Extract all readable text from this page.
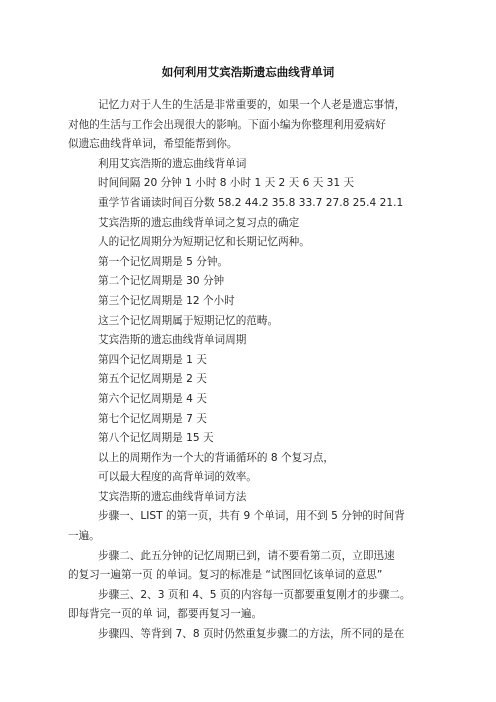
如何利用艾宾浩斯遗忘曲线背单词
记忆力对于人生的生活是非常重要的，如果一个人老是遗忘事情，
对他的生活与工作会出现很大的影响。下面小编为你整理利用爱病好
似遗忘曲线背单词，希望能帮到你。
利用艾宾浩斯的遗忘曲线背单词
时间间隔 20 分钟 1 小时 8 小时 1 天 2 天 6 天 31 天
重学节省诵读时间百分数 58.2 44.2 35.8 33.7 27.8 25.4 21.1
艾宾浩斯的遗忘曲线背单词之复习点的确定
人的记忆周期分为短期记忆和长期记忆两种。
第一个记忆周期是 5 分钟。
第二个记忆周期是 30 分钟
第三个记忆周期是 12 个小时
这三个记忆周期属于短期记忆的范畴。
艾宾浩斯的遗忘曲线背单词周期
第四个记忆周期是 1 天
第五个记忆周期是 2 天
第六个记忆周期是 4 天
第七个记忆周期是 7 天
第八个记忆周期是 15 天
以上的周期作为一个大的背诵循环的 8 个复习点，
可以最大程度的高背单词的效率。
艾宾浩斯的遗忘曲线背单词方法
步骤一、LIST 的第一页，共有 9 个单词，用不到 5 分钟的时间背
一遍。
步骤二、此五分钟的记忆周期已到，请不要看第二页，立即迅速
的复习一遍第一页 的单词。复习的标准是 “试图回忆该单词的意思”
步骤三、2、3 页和 4、5 页的内容每一页都要重复刚才的步骤二。
即每背完一页的单 词，都要再复习一遍。
步骤四、等背到 7、8 页时仍然重复步骤二的方法，所不同的是在
